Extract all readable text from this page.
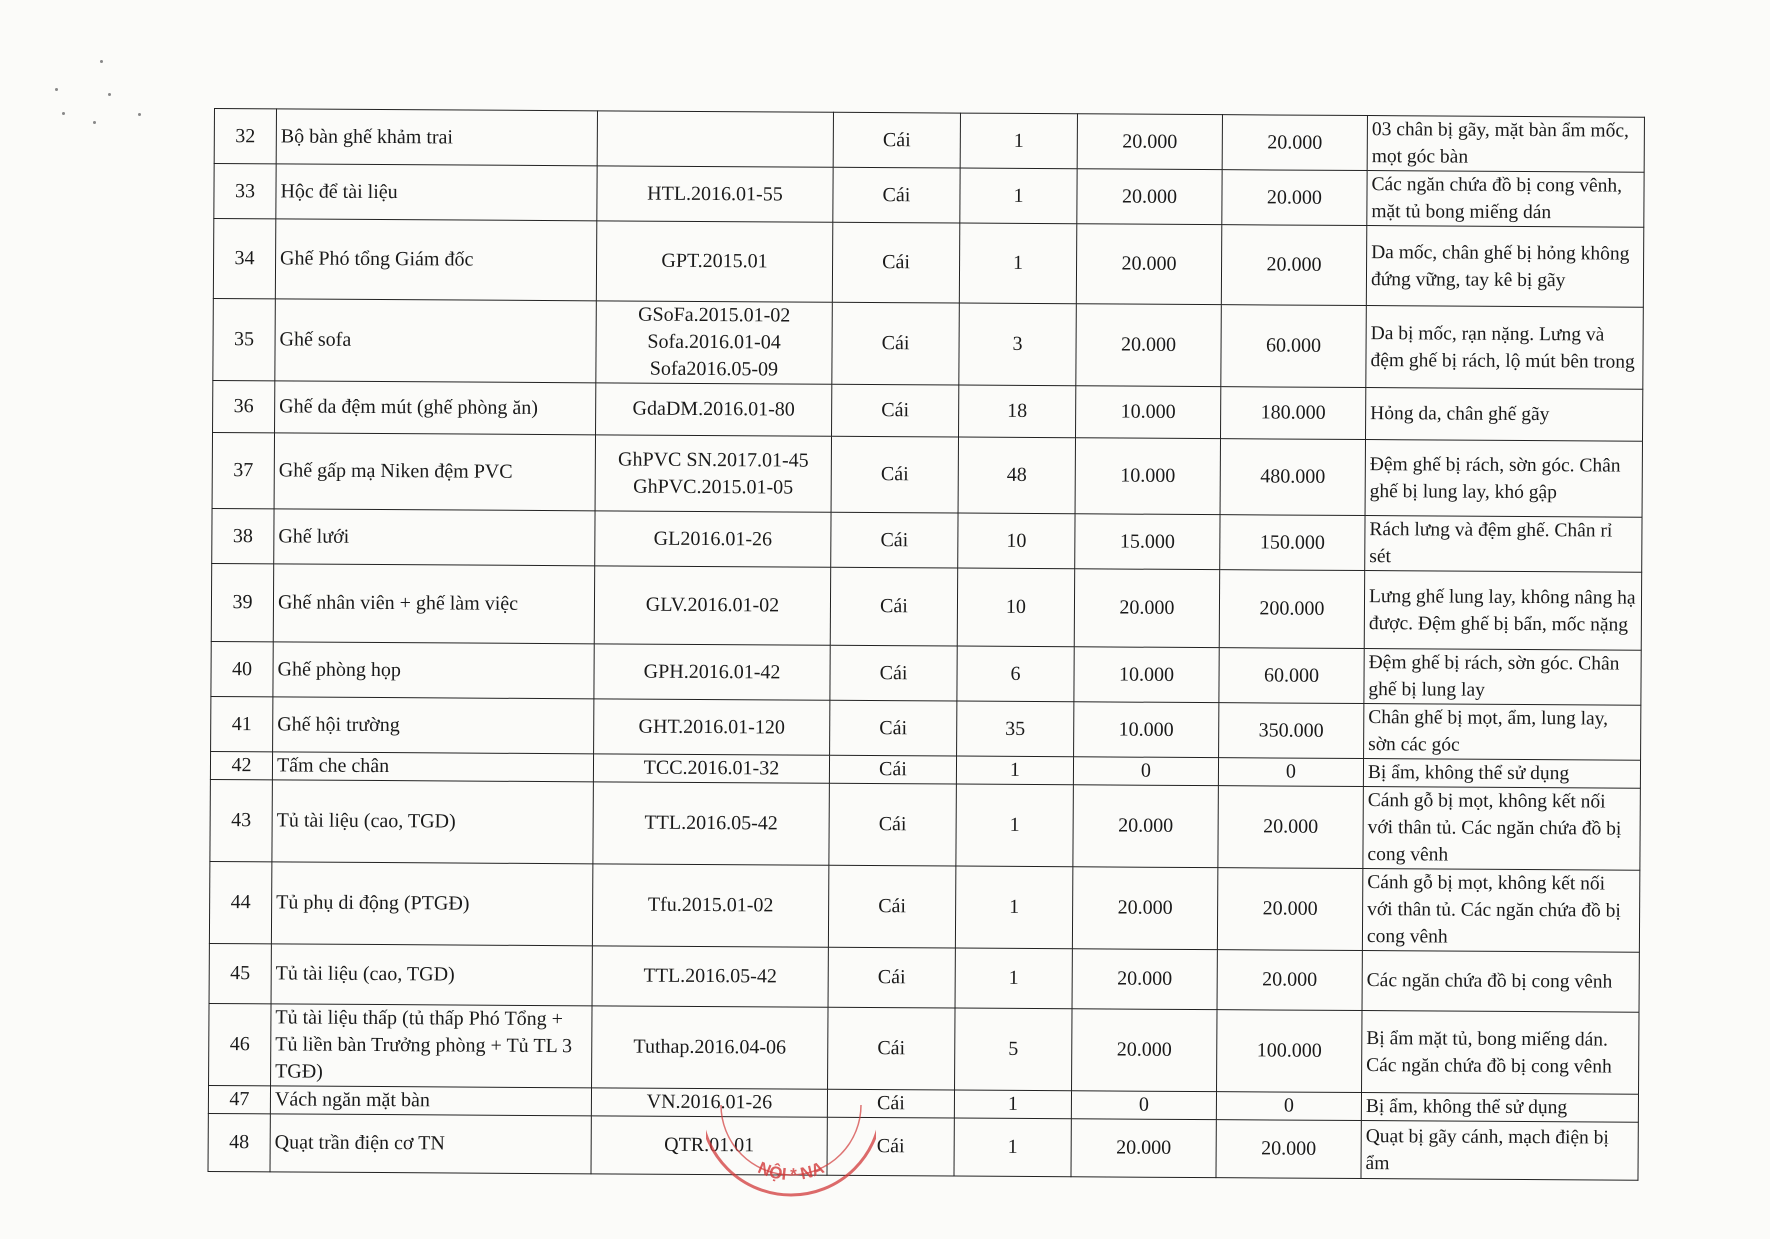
32	Bộ bàn ghế khảm trai		Cái	1	20.000	20.000	03 chân bị gãy, mặt bàn ẩm mốc, mọt góc bàn
33	Hộc để tài liệu	HTL.2016.01-55	Cái	1	20.000	20.000	Các ngăn chứa đồ bị cong vênh, mặt tủ bong miếng dán
34	Ghế Phó tổng Giám đốc	GPT.2015.01	Cái	1	20.000	20.000	Da mốc, chân ghế bị hỏng không đứng vững, tay kê bị gãy
35	Ghế sofa	GSoFa.2015.01-02
Sofa.2016.01-04
Sofa2016.05-09	Cái	3	20.000	60.000	Da bị mốc, rạn nặng. Lưng và đệm ghế bị rách, lộ mút bên trong
36	Ghế da đệm mút (ghế phòng ăn)	GdaDM.2016.01-80	Cái	18	10.000	180.000	Hỏng da, chân ghế gãy
37	Ghế gấp mạ Niken đệm PVC	GhPVC SN.2017.01-45
GhPVC.2015.01-05	Cái	48	10.000	480.000	Đệm ghế bị rách, sờn góc. Chân ghế bị lung lay, khó gập
38	Ghế lưới	GL2016.01-26	Cái	10	15.000	150.000	Rách lưng và đệm ghế. Chân rỉ sét
39	Ghế nhân viên + ghế làm việc	GLV.2016.01-02	Cái	10	20.000	200.000	Lưng ghế lung lay, không nâng hạ được. Đệm ghế bị bẩn, mốc nặng
40	Ghế phòng họp	GPH.2016.01-42	Cái	6	10.000	60.000	Đệm ghế bị rách, sờn góc. Chân ghế bị lung lay
41	Ghế hội trường	GHT.2016.01-120	Cái	35	10.000	350.000	Chân ghế bị mọt, ẩm, lung lay, sờn các góc
42	Tấm che chân	TCC.2016.01-32	Cái	1	0	0	Bị ẩm, không thể sử dụng
43	Tủ tài liệu (cao, TGD)	TTL.2016.05-42	Cái	1	20.000	20.000	Cánh gỗ bị mọt, không kết nối với thân tủ. Các ngăn chứa đồ bị cong vênh
44	Tủ phụ di động (PTGĐ)	Tfu.2015.01-02	Cái	1	20.000	20.000	Cánh gỗ bị mọt, không kết nối với thân tủ. Các ngăn chứa đồ bị cong vênh
45	Tủ tài liệu (cao, TGD)	TTL.2016.05-42	Cái	1	20.000	20.000	Các ngăn chứa đồ bị cong vênh
46	Tủ tài liệu thấp (tủ thấp Phó Tổng + Tủ liền bàn Trưởng phòng + Tủ TL 3 TGĐ)	Tuthap.2016.04-06	Cái	5	20.000	100.000	Bị ẩm mặt tủ, bong miếng dán. Các ngăn chứa đồ bị cong vênh
47	Vách ngăn mặt bàn	VN.2016.01-26	Cái	1	0	0	Bị ẩm, không thể sử dụng
48	Quạt trần điện cơ TN	QTR.01.01	Cái	1	20.000	20.000	Quạt bị gãy cánh, mạch điện bị ẩm
NỘI * NA
